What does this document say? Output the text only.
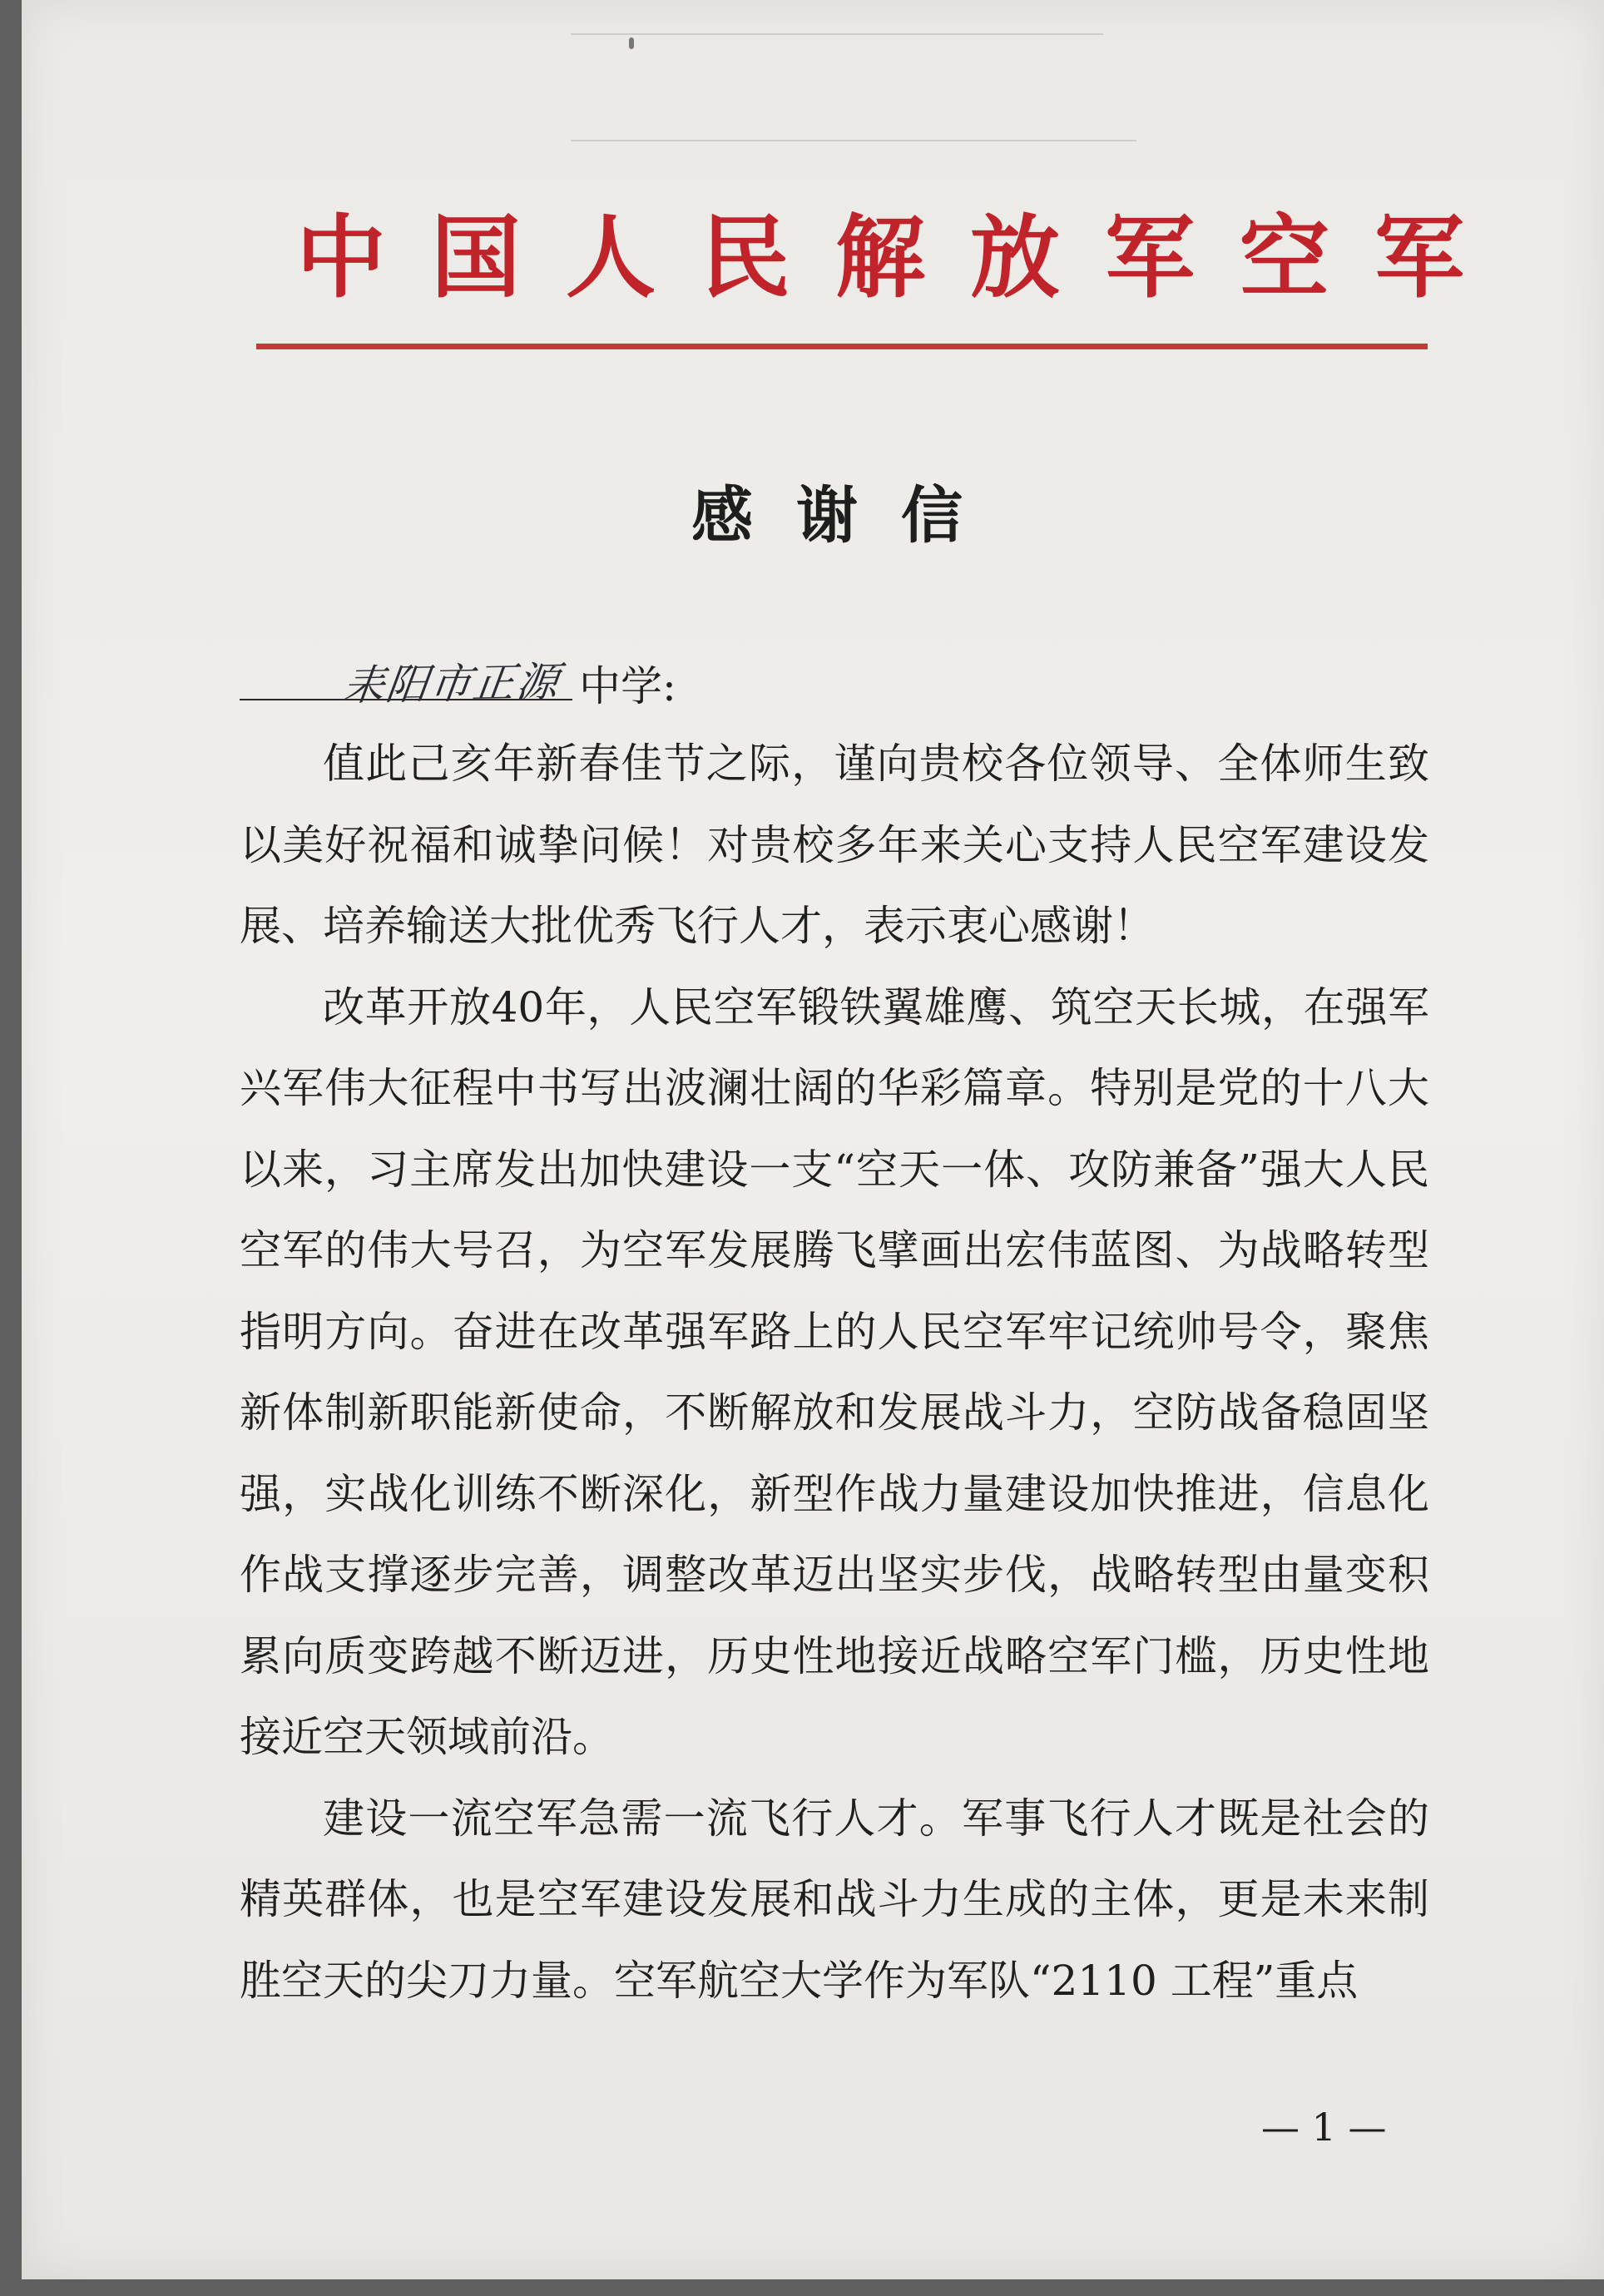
中国人民解放军空军
感谢信
耒阳市正源 中学:

值此己亥年新春佳节之际，谨向贵校各位领导、全体师生致以美好祝福和诚挚问候！对贵校多年来关心支持人民空军建设发展、培养输送大批优秀飞行人才，表示衷心感谢！

改革开放40年，人民空军锻铁翼雄鹰、筑空天长城，在强军兴军伟大征程中书写出波澜壮阔的华彩篇章。特别是党的十八大以来，习主席发出加快建设一支“空天一体、攻防兼备”强大人民空军的伟大号召，为空军发展腾飞擘画出宏伟蓝图、为战略转型指明方向。奋进在改革强军路上的人民空军牢记统帅号令，聚焦新体制新职能新使命，不断解放和发展战斗力，空防战备稳固坚强，实战化训练不断深化，新型作战力量建设加快推进，信息化作战支撑逐步完善，调整改革迈出坚实步伐，战略转型由量变积累向质变跨越不断迈进，历史性地接近战略空军门槛，历史性地接近空天领域前沿。

建设一流空军急需一流飞行人才。军事飞行人才既是社会的精英群体，也是空军建设发展和战斗力生成的主体，更是未来制胜空天的尖刀力量。空军航空大学作为军队“2110 工程”重点

— 1 —
